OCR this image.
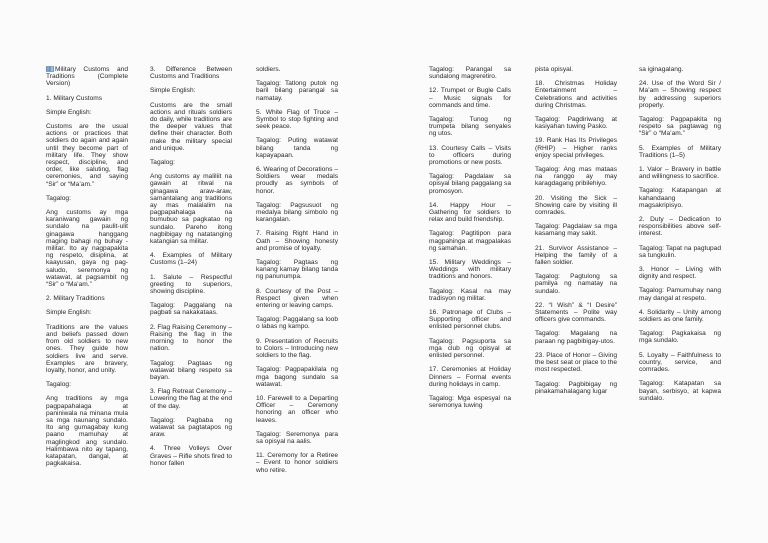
Military Customs and Traditions (Complete Version)

1. Military Customs

Simple English:

Customs are the usual actions or practices that soldiers do again and again until they become part of military life. They show respect, discipline, and order, like saluting, flag ceremonies, and saying “Sir” or “Ma’am.”

Tagalog:

Ang customs ay mga karaniwang gawain ng sundalo na paulit-ulit ginagawa hanggang maging bahagi ng buhay -militar. Ito ay nagpapakita ng respeto, disiplina, at kaayusan, gaya ng pag-saludo, seremonya ng watawat, at pagsambit ng “Sir” o “Ma’am.”

2. Military Traditions

Simple English:

Traditions are the values and beliefs passed down from old soldiers to new ones. They guide how soldiers live and serve. Examples are bravery, loyalty, honor, and unity.

Tagalog:

Ang traditions ay mga pagpapahalaga at paniniwala na minana mula sa mga naunang sundalo. Ito ang gumagabay kung paano mamuhay at maglingkod ang sundalo. Halimbawa nito ay tapang, katapatan, dangal, at pagkakaisa.

3. Difference Between Customs and Traditions

Simple English:

Customs are the small actions and rituals soldiers do daily, while traditions are the deeper values that define their character. Both make the military special and unique.

Tagalog:

Ang customs ay maliliit na gawain at ritwal na ginagawa araw-araw, samantalang ang traditions ay mas malalalim na pagpapahalaga na bumubuo sa pagkatao ng sundalo. Pareho itong nagbibigay ng natatanging katangian sa militar.

4. Examples of Military Customs (1–24)

1. Salute – Respectful greeting to superiors, showing discipline.

Tagalog: Paggalang na pagbati sa nakakataas.

2. Flag Raising Ceremony – Raising the flag in the morning to honor the nation.

Tagalog: Pagtaas ng watawat bilang respeto sa bayan.

3. Flag Retreat Ceremony – Lowering the flag at the end of the day.

Tagalog: Pagbaba ng watawat sa pagtatapos ng araw.

4. Three Volleys Over Graves – Rifle shots fired to honor fallen

soldiers.

Tagalog: Tatlong putok ng baril bilang parangal sa namatay.

5. White Flag of Truce – Symbol to stop fighting and seek peace.

Tagalog: Puting watawat bilang tanda ng kapayapaan.

6. Wearing of Decorations – Soldiers wear medals proudly as symbols of honor.

Tagalog: Pagsusuot ng medalya bilang simbolo ng karangalan.

7. Raising Right Hand in Oath – Showing honesty and promise of loyalty.

Tagalog: Pagtaas ng kanang kamay bilang tanda ng panunumpa.

8. Courtesy of the Post – Respect given when entering or leaving camps.

Tagalog: Paggalang sa loob o labas ng kampo.

9. Presentation of Recruits to Colors – Introducing new soldiers to the flag.

Tagalog: Pagpapakilala ng mga bagong sundalo sa watawat.

10. Farewell to a Departing Officer – Ceremony honoring an officer who leaves.

Tagalog: Seremonya para sa opisyal na aalis.

11. Ceremony for a Retiree – Event to honor soldiers who retire.

Tagalog: Parangal sa sundalong magreretiro.

12. Trumpet or Bugle Calls – Music signals for commands and time.

Tagalog: Tunog ng trumpeta bilang senyales ng utos.

13. Courtesy Calls – Visits to officers during promotions or new posts.

Tagalog: Pagdalaw sa opisyal bilang paggalang sa promosyon.

14. Happy Hour – Gathering for soldiers to relax and build friendship.

Tagalog: Pagtitipon para magpahinga at magpalakas ng samahan.

15. Military Weddings – Weddings with military traditions and honors.

Tagalog: Kasal na may tradisyon ng militar.

16. Patronage of Clubs – Supporting officer and enlisted personnel clubs.

Tagalog: Pagsuporta sa mga club ng opisyal at enlisted personnel.

17. Ceremonies at Holiday Dinners – Formal events during holidays in camp.

Tagalog: Mga espesyal na seremonya tuwing

pista opisyal.

18. Christmas Holiday Entertainment – Celebrations and activities during Christmas.

Tagalog: Pagdiriwang at kasiyahan tuwing Pasko.

19. Rank Has Its Privileges (RHIP) – Higher ranks enjoy special privileges.

Tagalog: Ang mas mataas na ranggo ay may karagdagang pribilehiyo.

20. Visiting the Sick – Showing care by visiting ill comrades.

Tagalog: Pagdalaw sa mga kasamang may sakit.

21. Survivor Assistance – Helping the family of a fallen soldier.

Tagalog: Pagtulong sa pamilya ng namatay na sundalo.

22. “I Wish” & “I Desire” Statements – Polite way officers give commands.

Tagalog: Magalang na paraan ng pagbibigay-utos.

23. Place of Honor – Giving the best seat or place to the most respected.

Tagalog: Pagbibigay ng pinakamahalagang lugar

sa iginagalang.

24. Use of the Word Sir / Ma’am – Showing respect by addressing superiors properly.

Tagalog: Pagpapakita ng respeto sa pagtawag ng “Sir” o “Ma’am.”

5. Examples of Military Traditions (1–5)

1. Valor – Bravery in battle and willingness to sacrifice.

Tagalog: Katapangan at kahandaang magsakripisyo.

2. Duty – Dedication to responsibilities above self-interest.

Tagalog: Tapat na pagtupad sa tungkulin.

3. Honor – Living with dignity and respect.

Tagalog: Pamumuhay nang may dangal at respeto.

4. Solidarity – Unity among soldiers as one family.

Tagalog: Pagkakaisa ng mga sundalo.

5. Loyalty – Faithfulness to country, service, and comrades.

Tagalog: Katapatan sa bayan, serbisyo, at kapwa sundalo.
